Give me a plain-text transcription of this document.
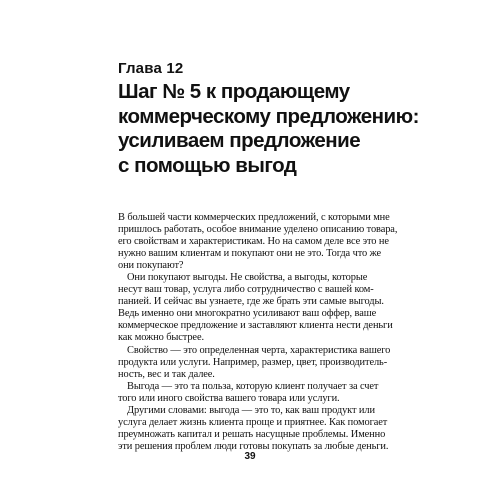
Глава 12
Шаг № 5 к продающему
коммерческому предложению:
усиливаем предложение
с помощью выгод
В большей части коммерческих предложений, с которыми мне
пришлось работать, особое внимание уделено описанию товара,
его свойствам и характеристикам. Но на самом деле все это не
нужно вашим клиентам и покупают они не это. Тогда что же
они покупают?
Они покупают выгоды. Не свойства, а выгоды, которые
несут ваш товар, услуга либо сотрудничество с вашей ком-
панией. И сейчас вы узнаете, где же брать эти самые выгоды.
Ведь именно они многократно усиливают ваш оффер, ваше
коммерческое предложение и заставляют клиента нести деньги
как можно быстрее.
Свойство — это определенная черта, характеристика вашего
продукта или услуги. Например, размер, цвет, производитель-
ность, вес и так далее.
Выгода — это та польза, которую клиент получает за счет
того или иного свойства вашего товара или услуги.
Другими словами: выгода — это то, как ваш продукт или
услуга делает жизнь клиента проще и приятнее. Как помогает
преумножать капитал и решать насущные проблемы. Именно
эти решения проблем люди готовы покупать за любые деньги.
39
